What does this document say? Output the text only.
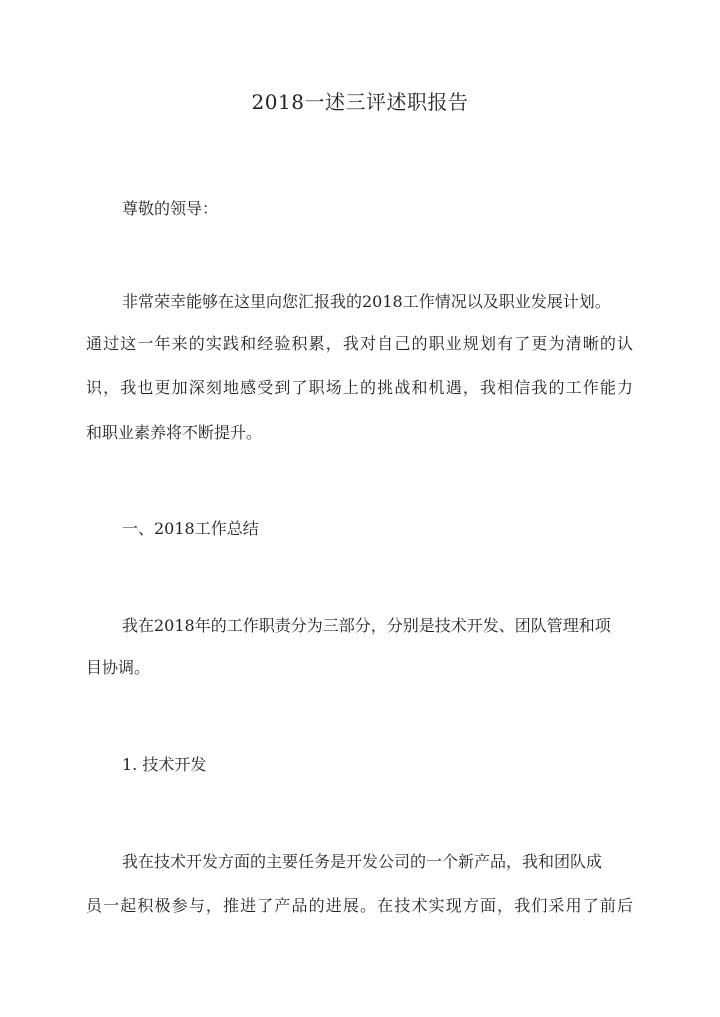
2018一述三评述职报告
尊敬的领导：
非常荣幸能够在这里向您汇报我的2018工作情况以及职业发展计划。
通过这一年来的实践和经验积累，我对自己的职业规划有了更为清晰的认
识，我也更加深刻地感受到了职场上的挑战和机遇，我相信我的工作能力
和职业素养将不断提升。
一、2018工作总结
我在2018年的工作职责分为三部分，分别是技术开发、团队管理和项
目协调。
1. 技术开发
我在技术开发方面的主要任务是开发公司的一个新产品，我和团队成
员一起积极参与，推进了产品的进展。在技术实现方面，我们采用了前后
